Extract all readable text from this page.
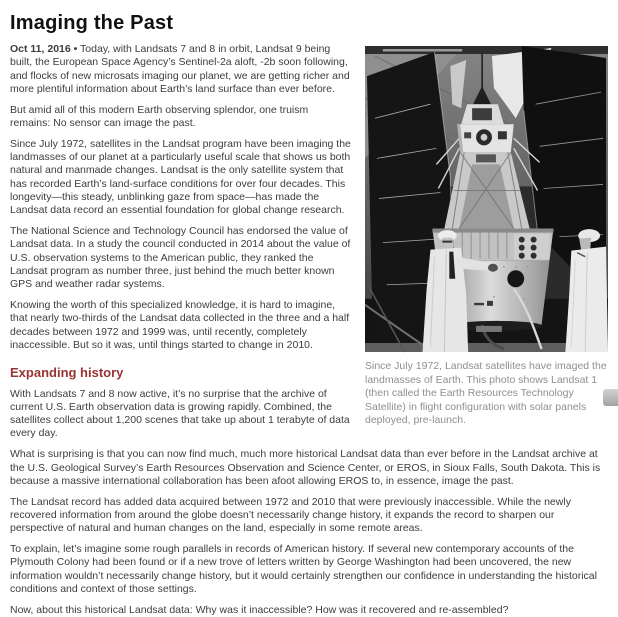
Imaging the Past
Since July 1972, Landsat satellites have imaged the landmasses of Earth. This photo shows Landsat 1 (then called the Earth Resources Technology Satellite) in flight configuration with solar panels deployed, pre-launch.

Oct 11, 2016 • Today, with Landsats 7 and 8 in orbit, Landsat 9 being built, the European Space Agency’s Sentinel-2a aloft, -2b soon following, and flocks of new microsats imaging our planet, we are getting richer and more plentiful information about Earth’s land surface than ever before.

But amid all of this modern Earth observing splendor, one truism remains: No sensor can image the past.

Since July 1972, satellites in the Landsat program have been imaging the landmasses of our planet at a particularly useful scale that shows us both natural and manmade changes. Landsat is the only satellite system that has recorded Earth’s land-surface conditions for over four decades. This longevity—this steady, unblinking gaze from space—has made the Landsat data record an essential foundation for global change research.

The National Science and Technology Council has endorsed the value of Landsat data. In a study the council conducted in 2014 about the value of U.S. observation systems to the American public, they ranked the Landsat program as number three, just behind the much better known GPS and weather radar systems.

Knowing the worth of this specialized knowledge, it is hard to imagine, that nearly two-thirds of the Landsat data collected in the three and a half decades between 1972 and 1999 was, until recently, completely inaccessible. But so it was, until things started to change in 2010.

Expanding history

With Landsats 7 and 8 now active, it’s no surprise that the archive of current U.S. Earth observation data is growing rapidly. Combined, the satellites collect about 1,200 scenes that take up about 1 terabyte of data every day.

What is surprising is that you can now find much, much more historical Landsat data than ever before in the Landsat archive at the U.S. Geological Survey’s Earth Resources Observation and Science Center, or EROS, in Sioux Falls, South Dakota. This is because a massive international collaboration has been afoot allowing EROS to, in essence, image the past.

The Landsat record has added data acquired between 1972 and 2010 that were previously inaccessible. While the newly recovered information from around the globe doesn’t necessarily change history, it expands the record to sharpen our perspective of natural and human changes on the land, especially in some remote areas.

To explain, let’s imagine some rough parallels in records of American history. If several new contemporary accounts of the Plymouth Colony had been found or if a new trove of letters written by George Washington had been uncovered, the new information wouldn’t necessarily change history, but it would certainly strengthen our confidence in understanding the historical conditions and context of those settings.

Now, about this historical Landsat data: Why was it inaccessible? How was it recovered and re-assembled?
